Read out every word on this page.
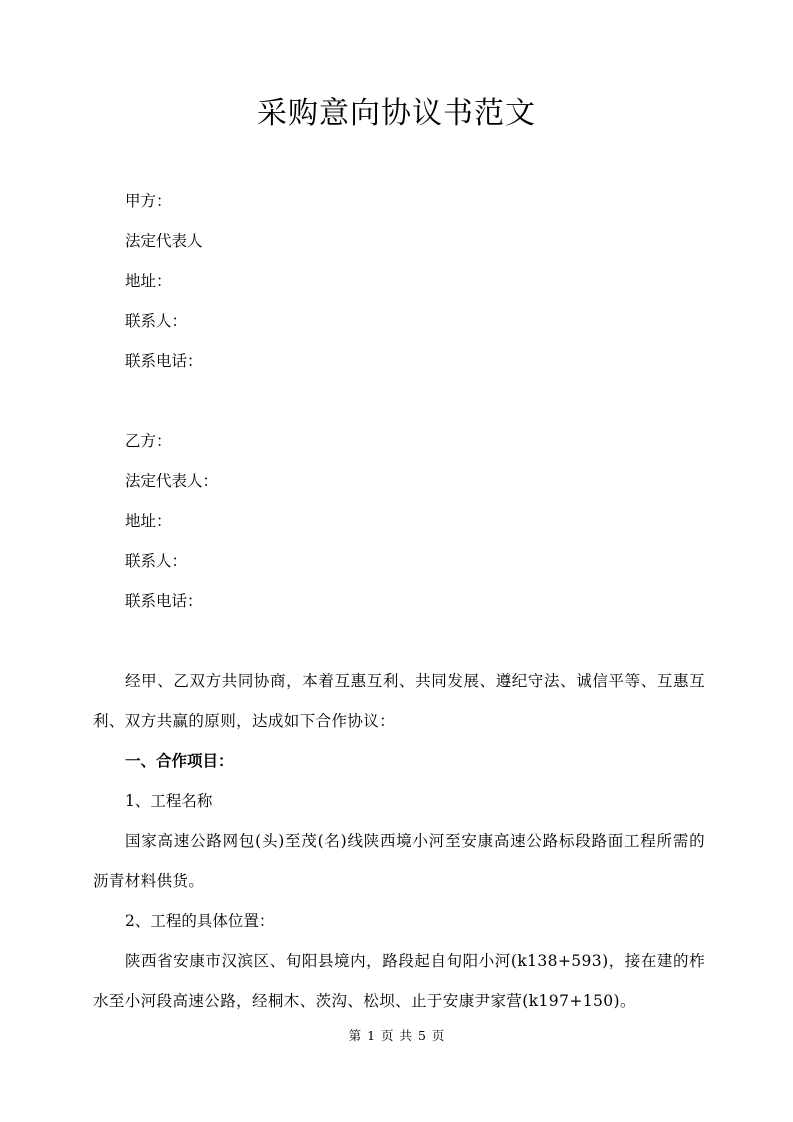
采购意向协议书范文
甲方：
法定代表人
地址：
联系人：
联系电话：
乙方：
法定代表人：
地址：
联系人：
联系电话：
经甲、乙双方共同协商，本着互惠互利、共同发展、遵纪守法、诚信平等、互惠互利、双方共赢的原则，达成如下合作协议：
一、合作项目：
1、工程名称
国家高速公路网包(头)至茂(名)线陕西境小河至安康高速公路标段路面工程所需的沥青材料供货。
2、工程的具体位置：
陕西省安康市汉滨区、旬阳县境内，路段起自旬阳小河(k138+593)，接在建的柞水至小河段高速公路，经桐木、茨沟、松坝、止于安康尹家营(k197+150)。
第 1 页 共 5 页
